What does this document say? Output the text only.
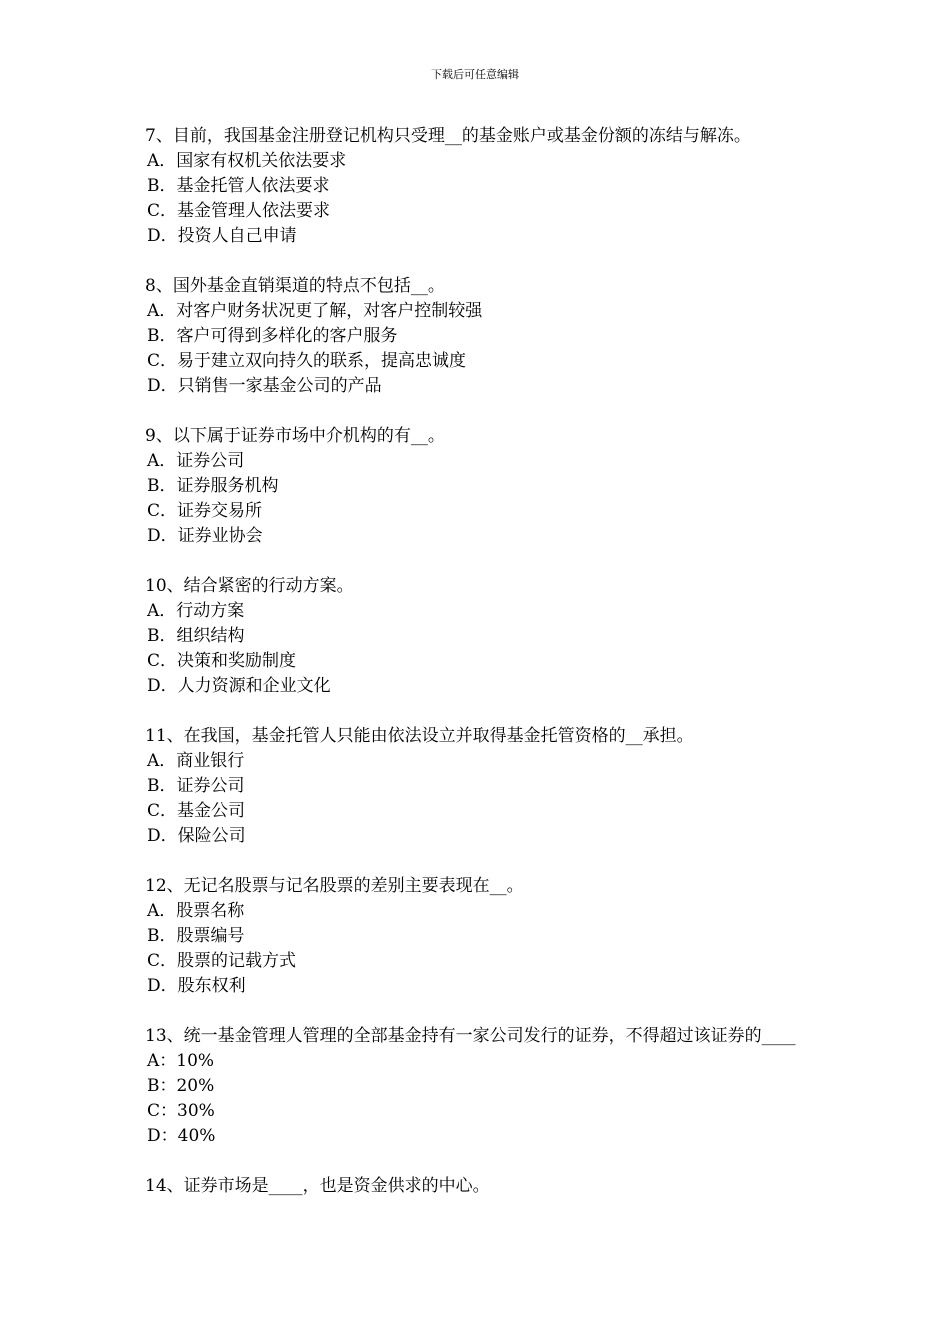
下载后可任意编辑
7、目前，我国基金注册登记机构只受理__的基金账户或基金份额的冻结与解冻。
A．国家有权机关依法要求
B．基金托管人依法要求
C．基金管理人依法要求
D．投资人自己申请
8、国外基金直销渠道的特点不包括__。
A．对客户财务状况更了解，对客户控制较强
B．客户可得到多样化的客户服务
C．易于建立双向持久的联系，提高忠诚度
D．只销售一家基金公司的产品
9、以下属于证券市场中介机构的有__。
A．证券公司
B．证券服务机构
C．证券交易所
D．证券业协会
10、结合紧密的行动方案。
A．行动方案
B．组织结构
C．决策和奖励制度
D．人力资源和企业文化
11、在我国，基金托管人只能由依法设立并取得基金托管资格的__承担。
A．商业银行
B．证券公司
C．基金公司
D．保险公司
12、无记名股票与记名股票的差别主要表现在__。
A．股票名称
B．股票编号
C．股票的记载方式
D．股东权利
13、统一基金管理人管理的全部基金持有一家公司发行的证券，不得超过该证券的____
A：10%
B：20%
C：30%
D：40%
14、证券市场是____，也是资金供求的中心。
